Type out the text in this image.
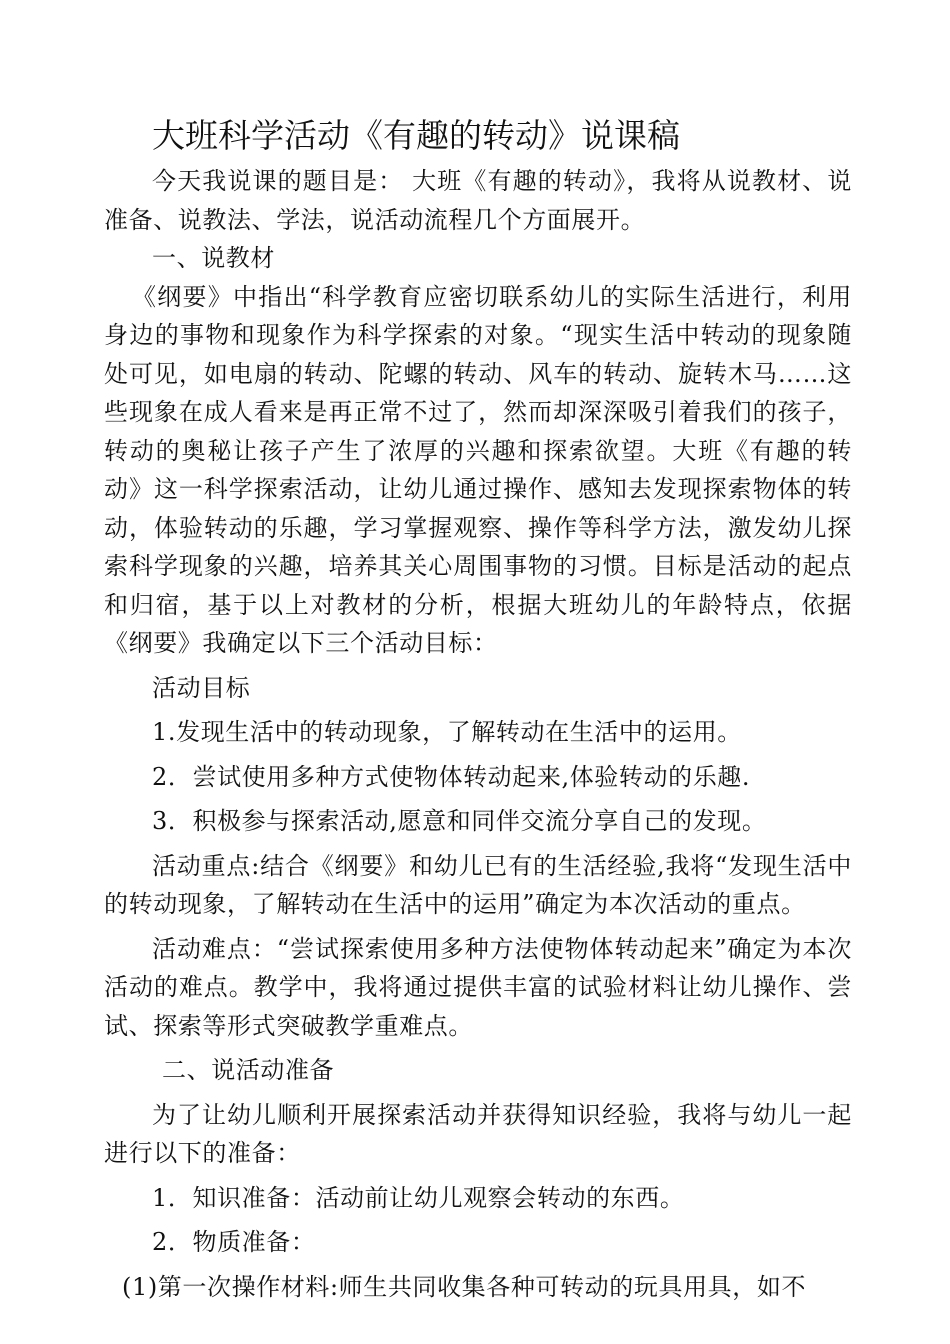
大班科学活动《有趣的转动》说课稿

今天我说课的题目是： 大班《有趣的转动》，我将从说教材、说准备、说教法、学法，说活动流程几个方面展开。

一、说教材

《纲要》中指出“科学教育应密切联系幼儿的实际生活进行，利用身边的事物和现象作为科学探索的对象。“现实生活中转动的现象随处可见，如电扇的转动、陀螺的转动、风车的转动、旋转木马……这些现象在成人看来是再正常不过了，然而却深深吸引着我们的孩子，转动的奥秘让孩子产生了浓厚的兴趣和探索欲望。大班《有趣的转动》这一科学探索活动，让幼儿通过操作、感知去发现探索物体的转动，体验转动的乐趣，学习掌握观察、操作等科学方法，激发幼儿探索科学现象的兴趣，培养其关心周围事物的习惯。目标是活动的起点和归宿，基于以上对教材的分析，根据大班幼儿的年龄特点，依据《纲要》我确定以下三个活动目标：

活动目标

1.发现生活中的转动现象，了解转动在生活中的运用。

2．尝试使用多种方式使物体转动起来,体验转动的乐趣.

3．积极参与探索活动,愿意和同伴交流分享自己的发现。

活动重点:结合《纲要》和幼儿已有的生活经验,我将“发现生活中的转动现象，了解转动在生活中的运用”确定为本次活动的重点。

活动难点：“尝试探索使用多种方法使物体转动起来”确定为本次活动的难点。教学中，我将通过提供丰富的试验材料让幼儿操作、尝试、探索等形式突破教学重难点。

二、说活动准备

为了让幼儿顺利开展探索活动并获得知识经验，我将与幼儿一起进行以下的准备：

1．知识准备：活动前让幼儿观察会转动的东西。

2．物质准备：

(1)第一次操作材料:师生共同收集各种可转动的玩具用具，如不
